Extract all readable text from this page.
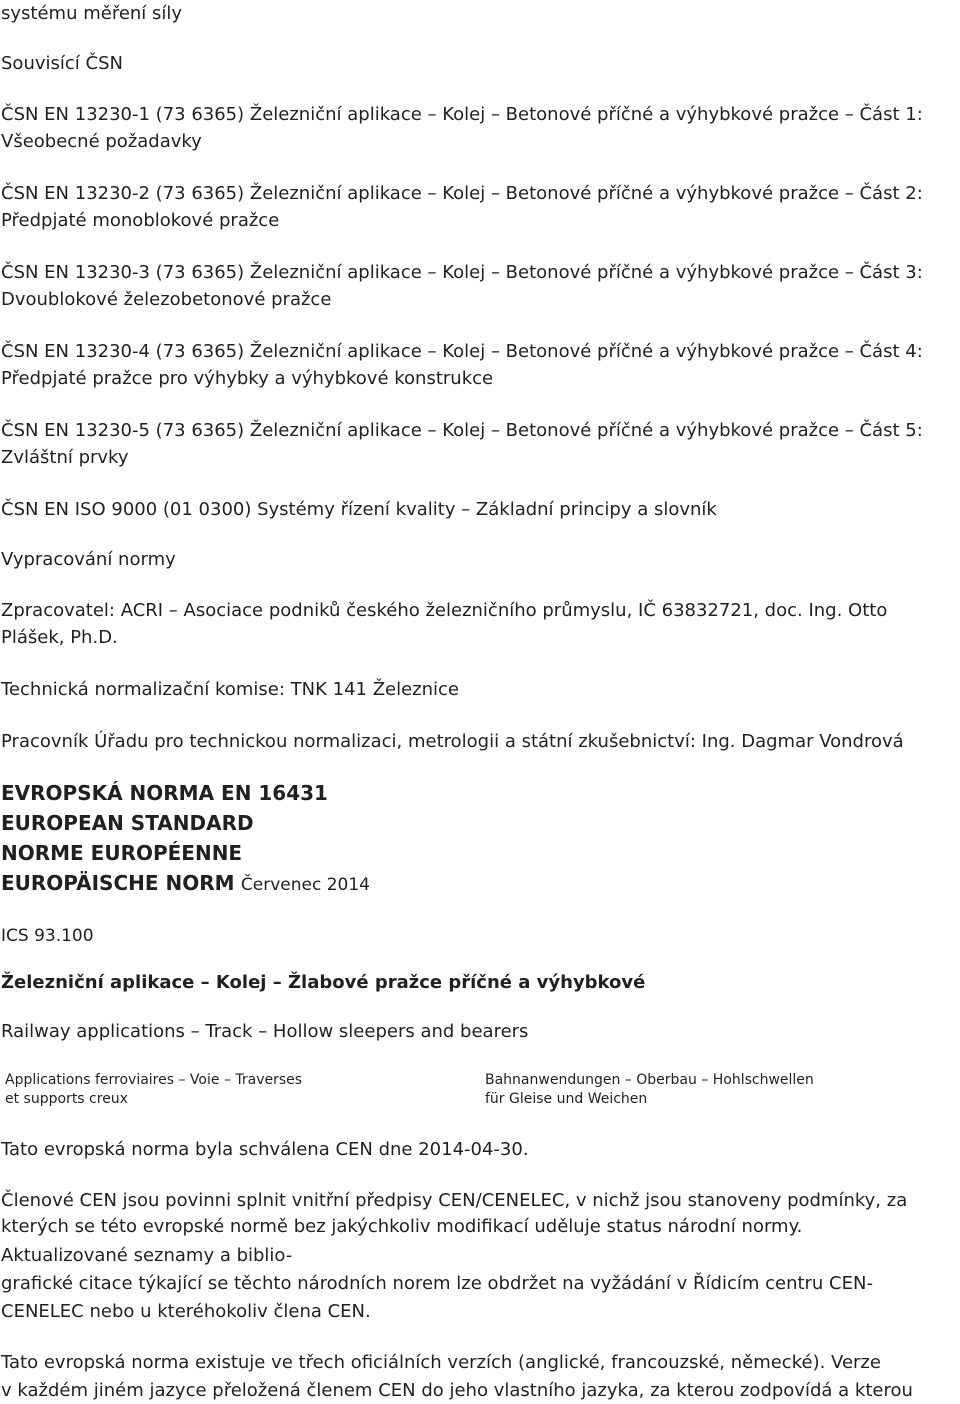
systému měření síly
Souvisící ČSN
ČSN EN 13230-1 (73 6365) Železniční aplikace – Kolej – Betonové příčné a výhybkové pražce – Část 1:
Všeobecné požadavky
ČSN EN 13230-2 (73 6365) Železniční aplikace – Kolej – Betonové příčné a výhybkové pražce – Část 2:
Předpjaté monoblokové pražce
ČSN EN 13230-3 (73 6365) Železniční aplikace – Kolej – Betonové příčné a výhybkové pražce – Část 3:
Dvoublokové železobetonové pražce
ČSN EN 13230-4 (73 6365) Železniční aplikace – Kolej – Betonové příčné a výhybkové pražce – Část 4:
Předpjaté pražce pro výhybky a výhybkové konstrukce
ČSN EN 13230-5 (73 6365) Železniční aplikace – Kolej – Betonové příčné a výhybkové pražce – Část 5:
Zvláštní prvky
ČSN EN ISO 9000 (01 0300) Systémy řízení kvality – Základní principy a slovník
Vypracování normy
Zpracovatel: ACRI – Asociace podniků českého železničního průmyslu, IČ 63832721, doc. Ing. Otto
Plášek, Ph.D.
Technická normalizační komise: TNK 141 Železnice
Pracovník Úřadu pro technickou normalizaci, metrologii a státní zkušebnictví: Ing. Dagmar Vondrová
EVROPSKÁ NORMA EN 16431
EUROPEAN STANDARD
NORME EUROPÉENNE
EUROPÄISCHE NORM Červenec 2014
ICS 93.100
Železniční aplikace – Kolej – Žlabové pražce příčné a výhybkové
Railway applications – Track – Hollow sleepers and bearers
Applications ferroviaires – Voie – Traverses
et supports creux
Bahnanwendungen – Oberbau – Hohlschwellen
für Gleise und Weichen
Tato evropská norma byla schválena CEN dne 2014-04-30.
Členové CEN jsou povinni splnit vnitřní předpisy CEN/CENELEC, v nichž jsou stanoveny podmínky, za kterých se této evropské normě bez jakýchkoliv modifikací uděluje status národní normy.
Aktualizované seznamy a biblio-
grafické citace týkající se těchto národních norem lze obdržet na vyžádání v Řídicím centru CEN-
CENELEC nebo u kteréhokoliv člena CEN.
Tato evropská norma existuje ve třech oficiálních verzích (anglické, francouzské, německé). Verze
v každém jiném jazyce přeložená členem CEN do jeho vlastního jazyka, za kterou zodpovídá a kterou
